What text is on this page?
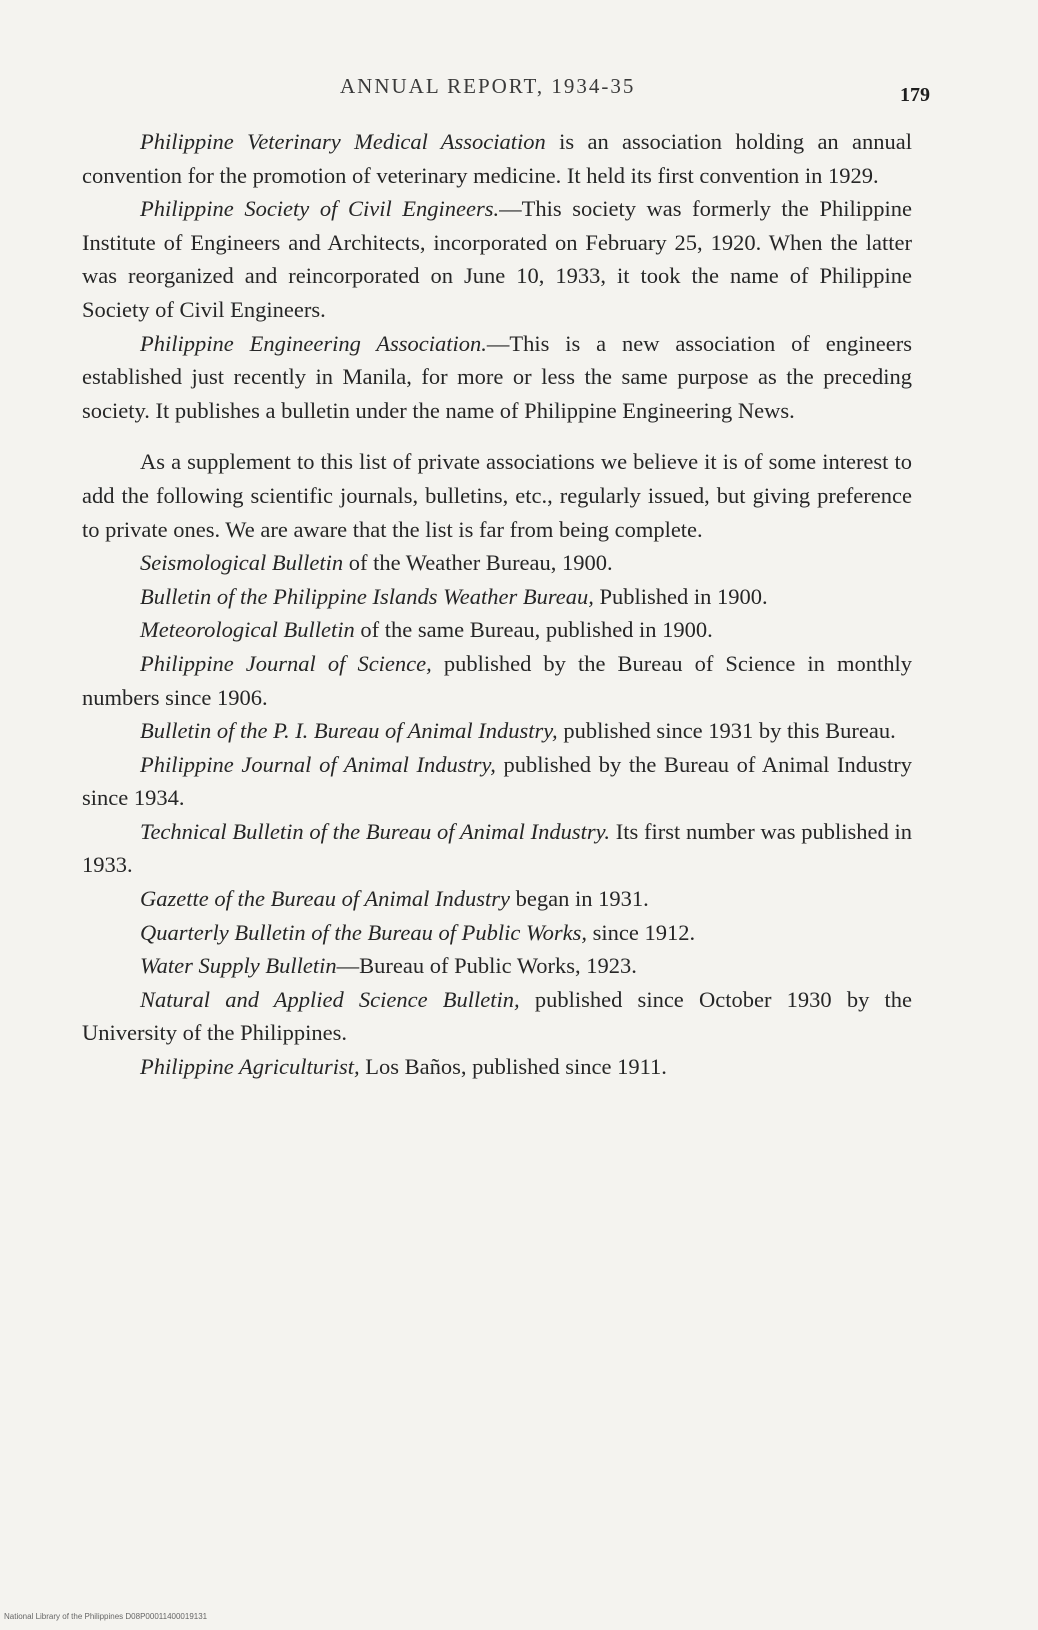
ANNUAL REPORT, 1934-35	179

Philippine Veterinary Medical Association is an association holding an annual convention for the promotion of veterinary medicine. It held its first convention in 1929.

Philippine Society of Civil Engineers.—This society was formerly the Philippine Institute of Engineers and Architects, incorporated on February 25, 1920. When the latter was reorganized and reincorporated on June 10, 1933, it took the name of Philippine Society of Civil Engineers.

Philippine Engineering Association.—This is a new association of engineers established just recently in Manila, for more or less the same purpose as the preceding society. It publishes a bulletin under the name of Philippine Engineering News.

As a supplement to this list of private associations we believe it is of some interest to add the following scientific journals, bulletins, etc., regularly issued, but giving preference to private ones. We are aware that the list is far from being complete.

Seismological Bulletin of the Weather Bureau, 1900.

Bulletin of the Philippine Islands Weather Bureau, Published in 1900.

Meteorological Bulletin of the same Bureau, published in 1900.

Philippine Journal of Science, published by the Bureau of Science in monthly numbers since 1906.

Bulletin of the P. I. Bureau of Animal Industry, published since 1931 by this Bureau.

Philippine Journal of Animal Industry, published by the Bureau of Animal Industry since 1934.

Technical Bulletin of the Bureau of Animal Industry. Its first number was published in 1933.

Gazette of the Bureau of Animal Industry began in 1931.

Quarterly Bulletin of the Bureau of Public Works, since 1912.

Water Supply Bulletin—Bureau of Public Works, 1923.

Natural and Applied Science Bulletin, published since October 1930 by the University of the Philippines.

Philippine Agriculturist, Los Baños, published since 1911.

National Library of the Philippines D08P00011400019131
